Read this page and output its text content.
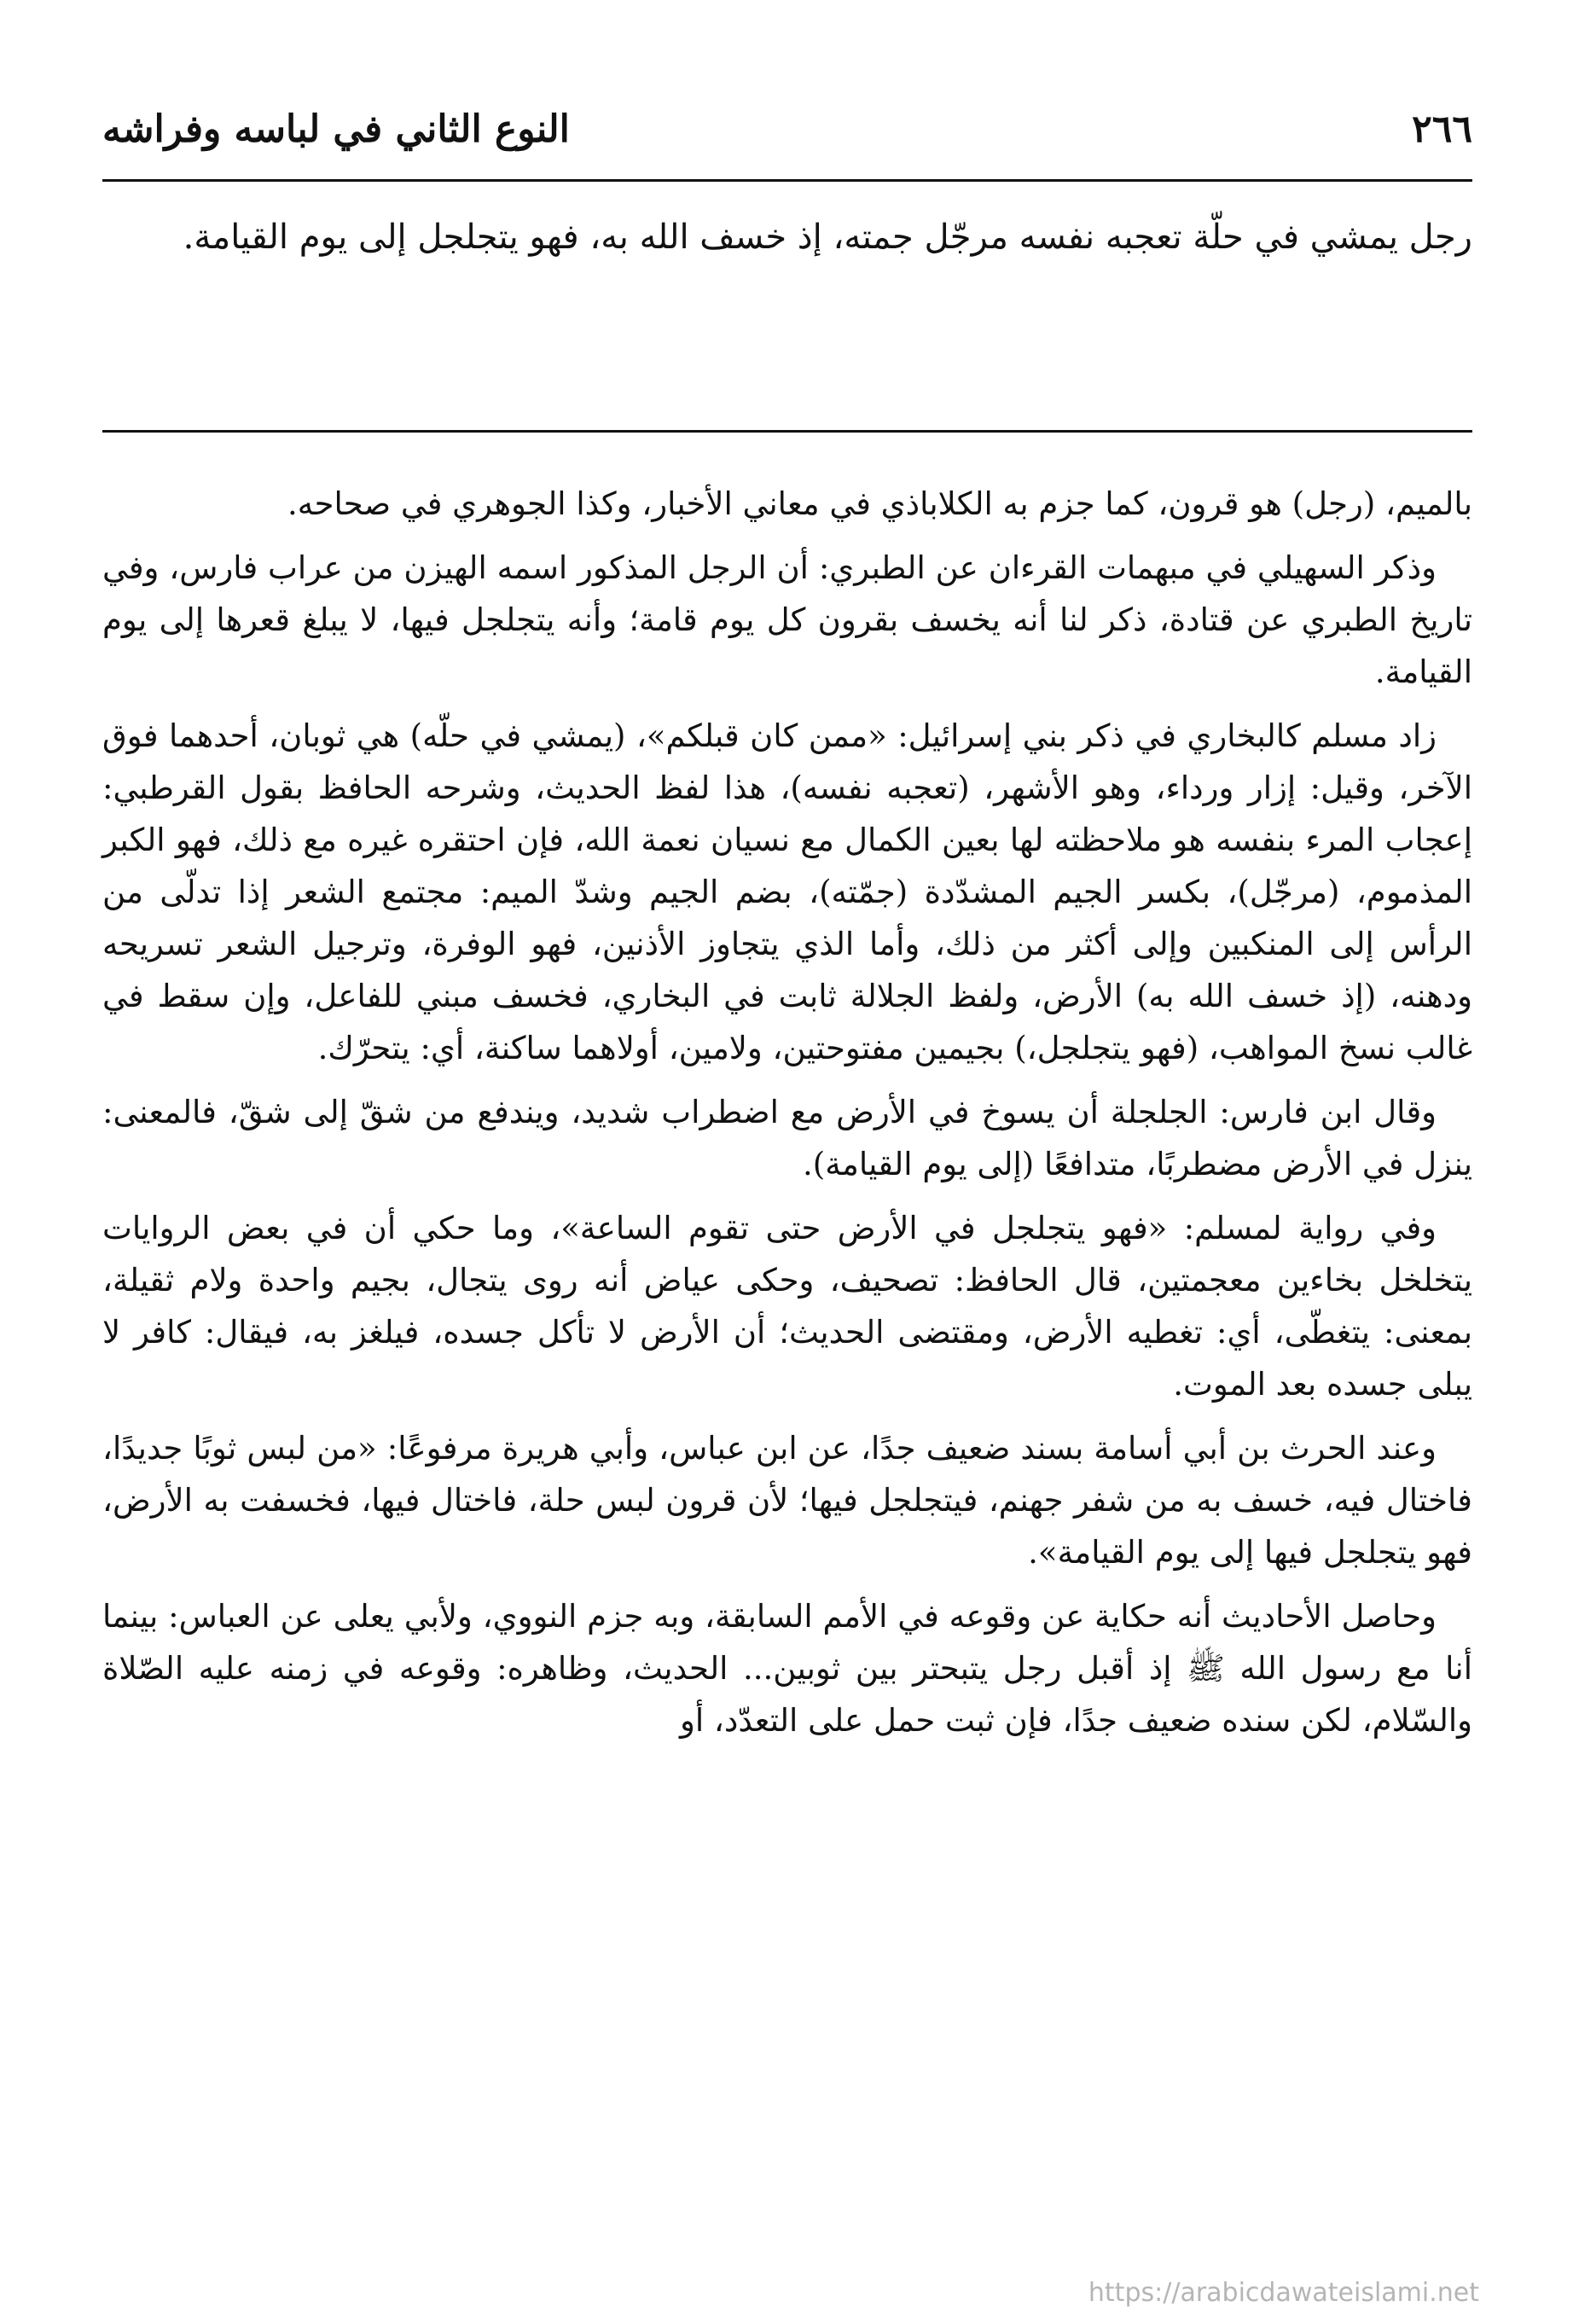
٢٦٦
النوع الثاني في لباسه وفراشه
رجل يمشي في حلّة تعجبه نفسه مرجّل جمته، إذ خسف الله به، فهو يتجلجل إلى يوم القيامة.

بالميم، (رجل) هو قرون، كما جزم به الكلاباذي في معاني الأخبار، وكذا الجوهري في صحاحه.

وذكر السهيلي في مبهمات القرءان عن الطبري: أن الرجل المذكور اسمه الهيزن من عراب فارس، وفي تاريخ الطبري عن قتادة، ذكر لنا أنه يخسف بقرون كل يوم قامة؛ وأنه يتجلجل فيها، لا يبلغ قعرها إلى يوم القيامة.

زاد مسلم كالبخاري في ذكر بني إسرائيل: «ممن كان قبلكم»، (يمشي في حلّه) هي ثوبان، أحدهما فوق الآخر، وقيل: إزار ورداء، وهو الأشهر، (تعجبه نفسه)، هذا لفظ الحديث، وشرحه الحافظ بقول القرطبي: إعجاب المرء بنفسه هو ملاحظته لها بعين الكمال مع نسيان نعمة الله، فإن احتقره غيره مع ذلك، فهو الكبر المذموم، (مرجّل)، بكسر الجيم المشدّدة (جمّته)، بضم الجيم وشدّ الميم: مجتمع الشعر إذا تدلّى من الرأس إلى المنكبين وإلى أكثر من ذلك، وأما الذي يتجاوز الأذنين، فهو الوفرة، وترجيل الشعر تسريحه ودهنه، (إذ خسف الله به) الأرض، ولفظ الجلالة ثابت في البخاري، فخسف مبني للفاعل، وإن سقط في غالب نسخ المواهب، (فهو يتجلجل،) بجيمين مفتوحتين، ولامين، أولاهما ساكنة، أي: يتحرّك.

وقال ابن فارس: الجلجلة أن يسوخ في الأرض مع اضطراب شديد، ويندفع من شقّ إلى شقّ، فالمعنى: ينزل في الأرض مضطربًا، متدافعًا (إلى يوم القيامة).

وفي رواية لمسلم: «فهو يتجلجل في الأرض حتى تقوم الساعة»، وما حكي أن في بعض الروايات يتخلخل بخاءين معجمتين، قال الحافظ: تصحيف، وحكى عياض أنه روى يتجال، بجيم واحدة ولام ثقيلة، بمعنى: يتغطّى، أي: تغطيه الأرض، ومقتضى الحديث؛ أن الأرض لا تأكل جسده، فيلغز به، فيقال: كافر لا يبلى جسده بعد الموت.

وعند الحرث بن أبي أسامة بسند ضعيف جدًا، عن ابن عباس، وأبي هريرة مرفوعًا: «من لبس ثوبًا جديدًا، فاختال فيه، خسف به من شفر جهنم، فيتجلجل فيها؛ لأن قرون لبس حلة، فاختال فيها، فخسفت به الأرض، فهو يتجلجل فيها إلى يوم القيامة».

وحاصل الأحاديث أنه حكاية عن وقوعه في الأمم السابقة، وبه جزم النووي، ولأبي يعلى عن العباس: بينما أنا مع رسول الله ﷺ إذ أقبل رجل يتبحتر بين ثوبين... الحديث، وظاهره: وقوعه في زمنه عليه الصّلاة والسّلام، لكن سنده ضعيف جدًا، فإن ثبت حمل على التعدّد، أو

https://arabicdawateislami.net
